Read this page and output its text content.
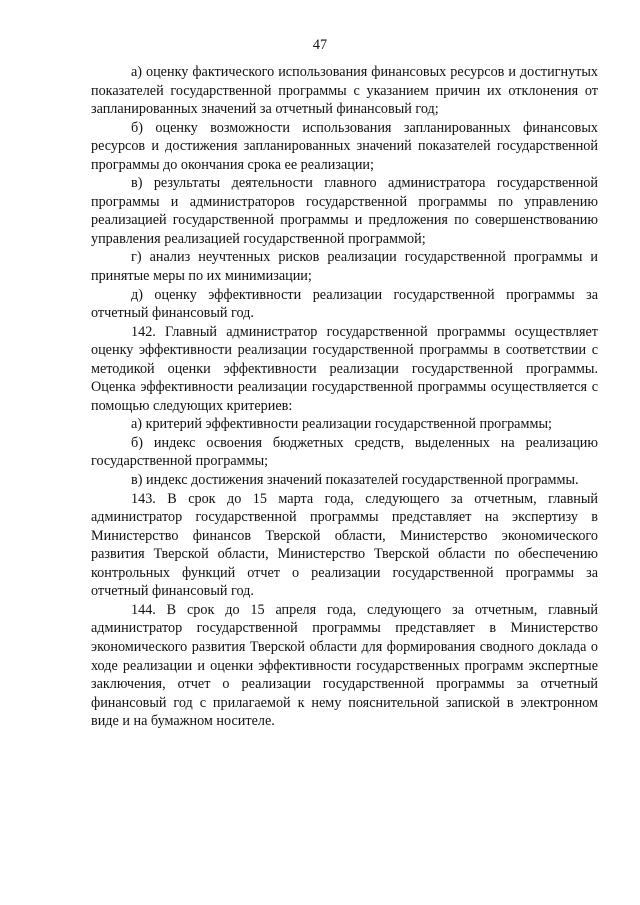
47

а) оценку фактического использования финансовых ресурсов и достигнутых показателей государственной программы с указанием причин их отклонения от запланированных значений за отчетный финансовый год;

б) оценку возможности использования запланированных финансовых ресурсов и достижения запланированных значений показателей государственной программы до окончания срока ее реализации;

в) результаты деятельности главного администратора государственной программы и администраторов государственной программы по управлению реализацией государственной программы и предложения по совершенствованию управления реализацией государственной программой;

г) анализ неучтенных рисков реализации государственной программы и принятые меры по их минимизации;

д) оценку эффективности реализации государственной программы за отчетный финансовый год.

142. Главный администратор государственной программы осуществляет оценку эффективности реализации государственной программы в соответствии с методикой оценки эффективности реализации государственной программы. Оценка эффективности реализации государственной программы осуществляется с помощью следующих критериев:

а) критерий эффективности реализации государственной программы;

б) индекс освоения бюджетных средств, выделенных на реализацию государственной программы;

в) индекс достижения значений показателей государственной программы.

143. В срок до 15 марта года, следующего за отчетным, главный администратор государственной программы представляет на экспертизу в Министерство финансов Тверской области, Министерство экономического развития Тверской области, Министерство Тверской области по обеспечению контрольных функций отчет о реализации государственной программы за отчетный финансовый год.

144. В срок до 15 апреля года, следующего за отчетным, главный администратор государственной программы представляет в Министерство экономического развития Тверской области для формирования сводного доклада о ходе реализации и оценки эффективности государственных программ экспертные заключения, отчет о реализации государственной программы за отчетный финансовый год с прилагаемой к нему пояснительной запиской в электронном виде и на бумажном носителе.
